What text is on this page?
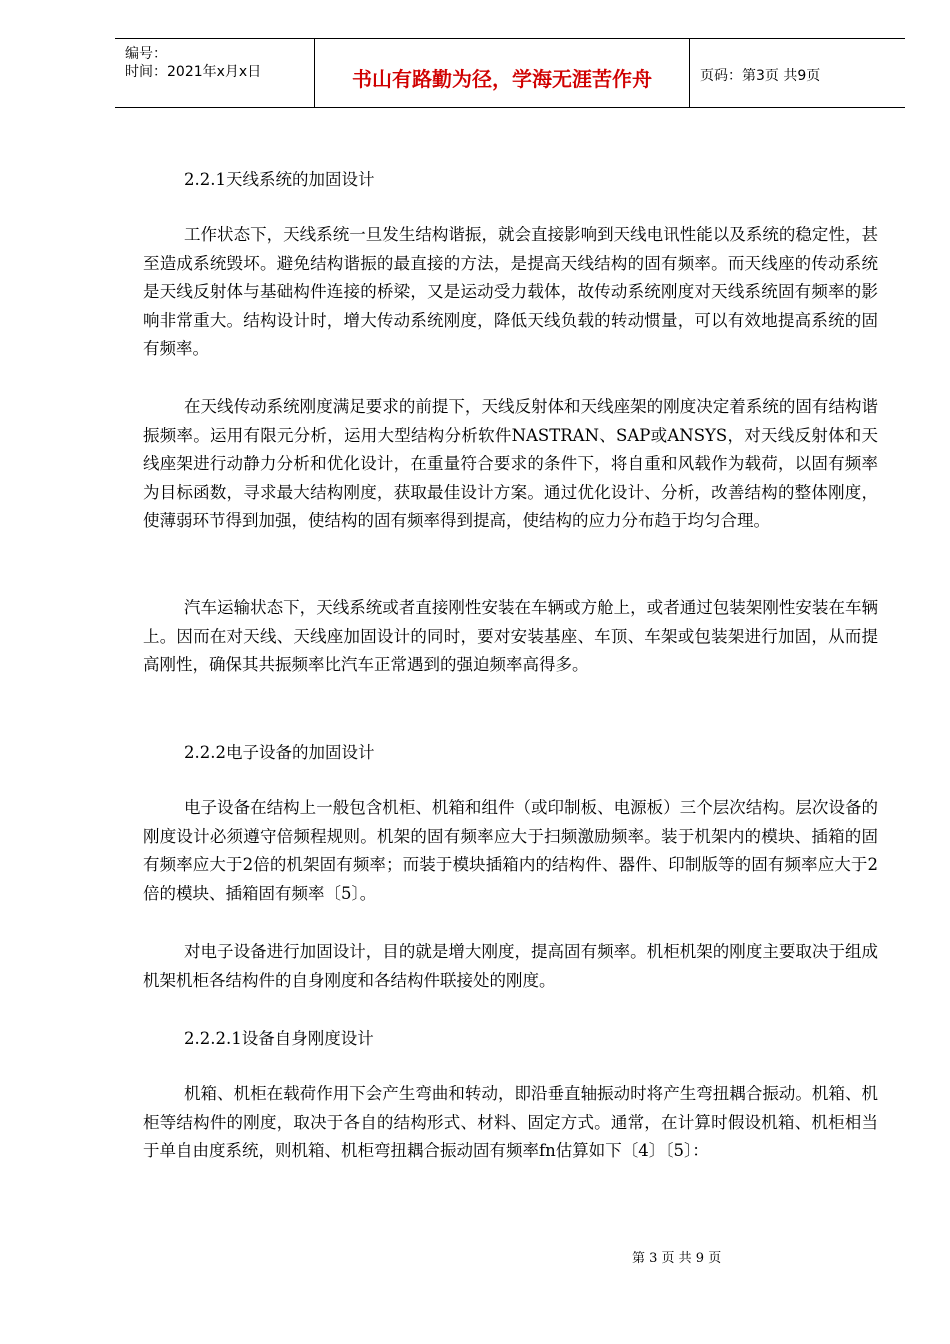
编号：
时间：2021年x月x日	书山有路勤为径，学海无涯苦作舟	页码：第3页 共9页

2.2.1天线系统的加固设计

工作状态下，天线系统一旦发生结构谐振，就会直接影响到天线电讯性能以及系统的稳定性，甚至造成系统毁坏。避免结构谐振的最直接的方法，是提高天线结构的固有频率。而天线座的传动系统是天线反射体与基础构件连接的桥梁，又是运动受力载体，故传动系统刚度对天线系统固有频率的影响非常重大。结构设计时，增大传动系统刚度，降低天线负载的转动惯量，可以有效地提高系统的固有频率。

在天线传动系统刚度满足要求的前提下，天线反射体和天线座架的刚度决定着系统的固有结构谐振频率。运用有限元分析，运用大型结构分析软件NASTRAN、SAP或ANSYS，对天线反射体和天线座架进行动静力分析和优化设计，在重量符合要求的条件下，将自重和风载作为载荷，以固有频率为目标函数，寻求最大结构刚度，获取最佳设计方案。通过优化设计、分析，改善结构的整体刚度，使薄弱环节得到加强，使结构的固有频率得到提高，使结构的应力分布趋于均匀合理。

汽车运输状态下，天线系统或者直接刚性安装在车辆或方舱上，或者通过包装架刚性安装在车辆上。因而在对天线、天线座加固设计的同时，要对安装基座、车顶、车架或包装架进行加固，从而提高刚性，确保其共振频率比汽车正常遇到的强迫频率高得多。

2.2.2电子设备的加固设计

电子设备在结构上一般包含机柜、机箱和组件（或印制板、电源板）三个层次结构。层次设备的刚度设计必须遵守倍频程规则。机架的固有频率应大于扫频激励频率。装于机架内的模块、插箱的固有频率应大于2倍的机架固有频率；而装于模块插箱内的结构件、器件、印制版等的固有频率应大于2倍的模块、插箱固有频率〔5〕。

对电子设备进行加固设计，目的就是增大刚度，提高固有频率。机柜机架的刚度主要取决于组成机架机柜各结构件的自身刚度和各结构件联接处的刚度。

2.2.2.1设备自身刚度设计

机箱、机柜在载荷作用下会产生弯曲和转动，即沿垂直轴振动时将产生弯扭耦合振动。机箱、机柜等结构件的刚度，取决于各自的结构形式、材料、固定方式。通常，在计算时假设机箱、机柜相当于单自由度系统，则机箱、机柜弯扭耦合振动固有频率fn估算如下〔4〕〔5〕：

第 3 页 共 9 页
